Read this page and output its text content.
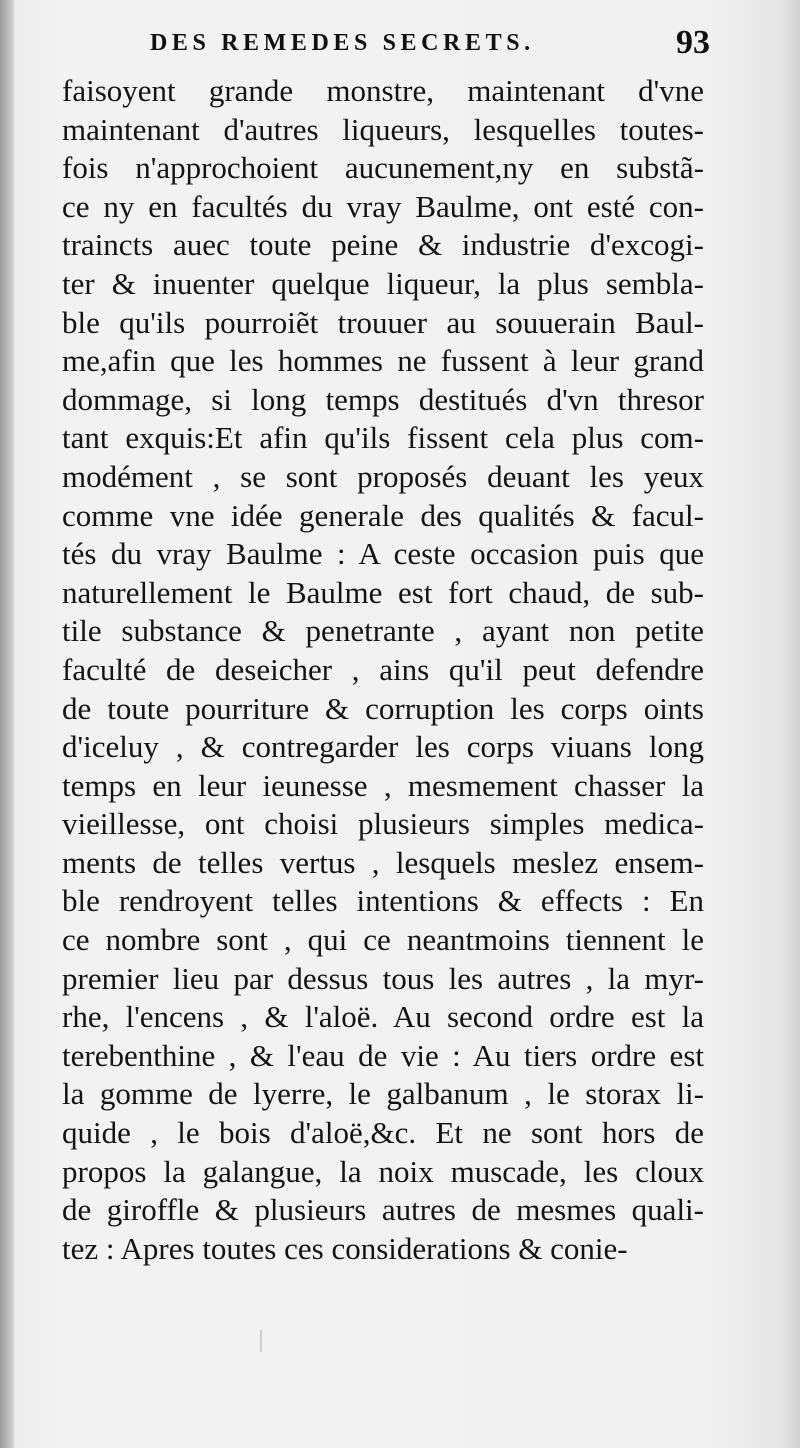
DES REMEDES SECRETS.	93
faisoyent grande monstre, maintenant d'vne
maintenant d'autres liqueurs, lesquelles toutes-
fois n'approchoient aucunement,ny en substã-
ce ny en facultés du vray Baulme, ont esté con-
traincts auec toute peine & industrie d'excogi-
ter & inuenter quelque liqueur, la plus sembla-
ble qu'ils pourroiẽt trouuer au souuerain Baul-
me,afin que les hommes ne fussent à leur grand
dommage, si long temps destitués d'vn thresor
tant exquis:Et afin qu'ils fissent cela plus com-
modément , se sont proposés deuant les yeux
comme vne idée generale des qualités & facul-
tés du vray Baulme : A ceste occasion puis que
naturellement le Baulme est fort chaud, de sub-
tile substance & penetrante , ayant non petite
faculté de deseicher , ains qu'il peut defendre
de toute pourriture & corruption les corps oints
d'iceluy , & contregarder les corps viuans long
temps en leur ieunesse , mesmement chasser la
vieillesse, ont choisi plusieurs simples medica-
ments de telles vertus , lesquels meslez ensem-
ble rendroyent telles intentions & effects : En
ce nombre sont , qui ce neantmoins tiennent le
premier lieu par dessus tous les autres , la myr-
rhe, l'encens , & l'aloë. Au second ordre est la
terebenthine , & l'eau de vie : Au tiers ordre est
la gomme de lyerre, le galbanum , le storax li-
quide , le bois d'aloë,&c. Et ne sont hors de
propos la galangue, la noix muscade, les cloux
de giroffle & plusieurs autres de mesmes quali-
tez : Apres toutes ces considerations & conie-
